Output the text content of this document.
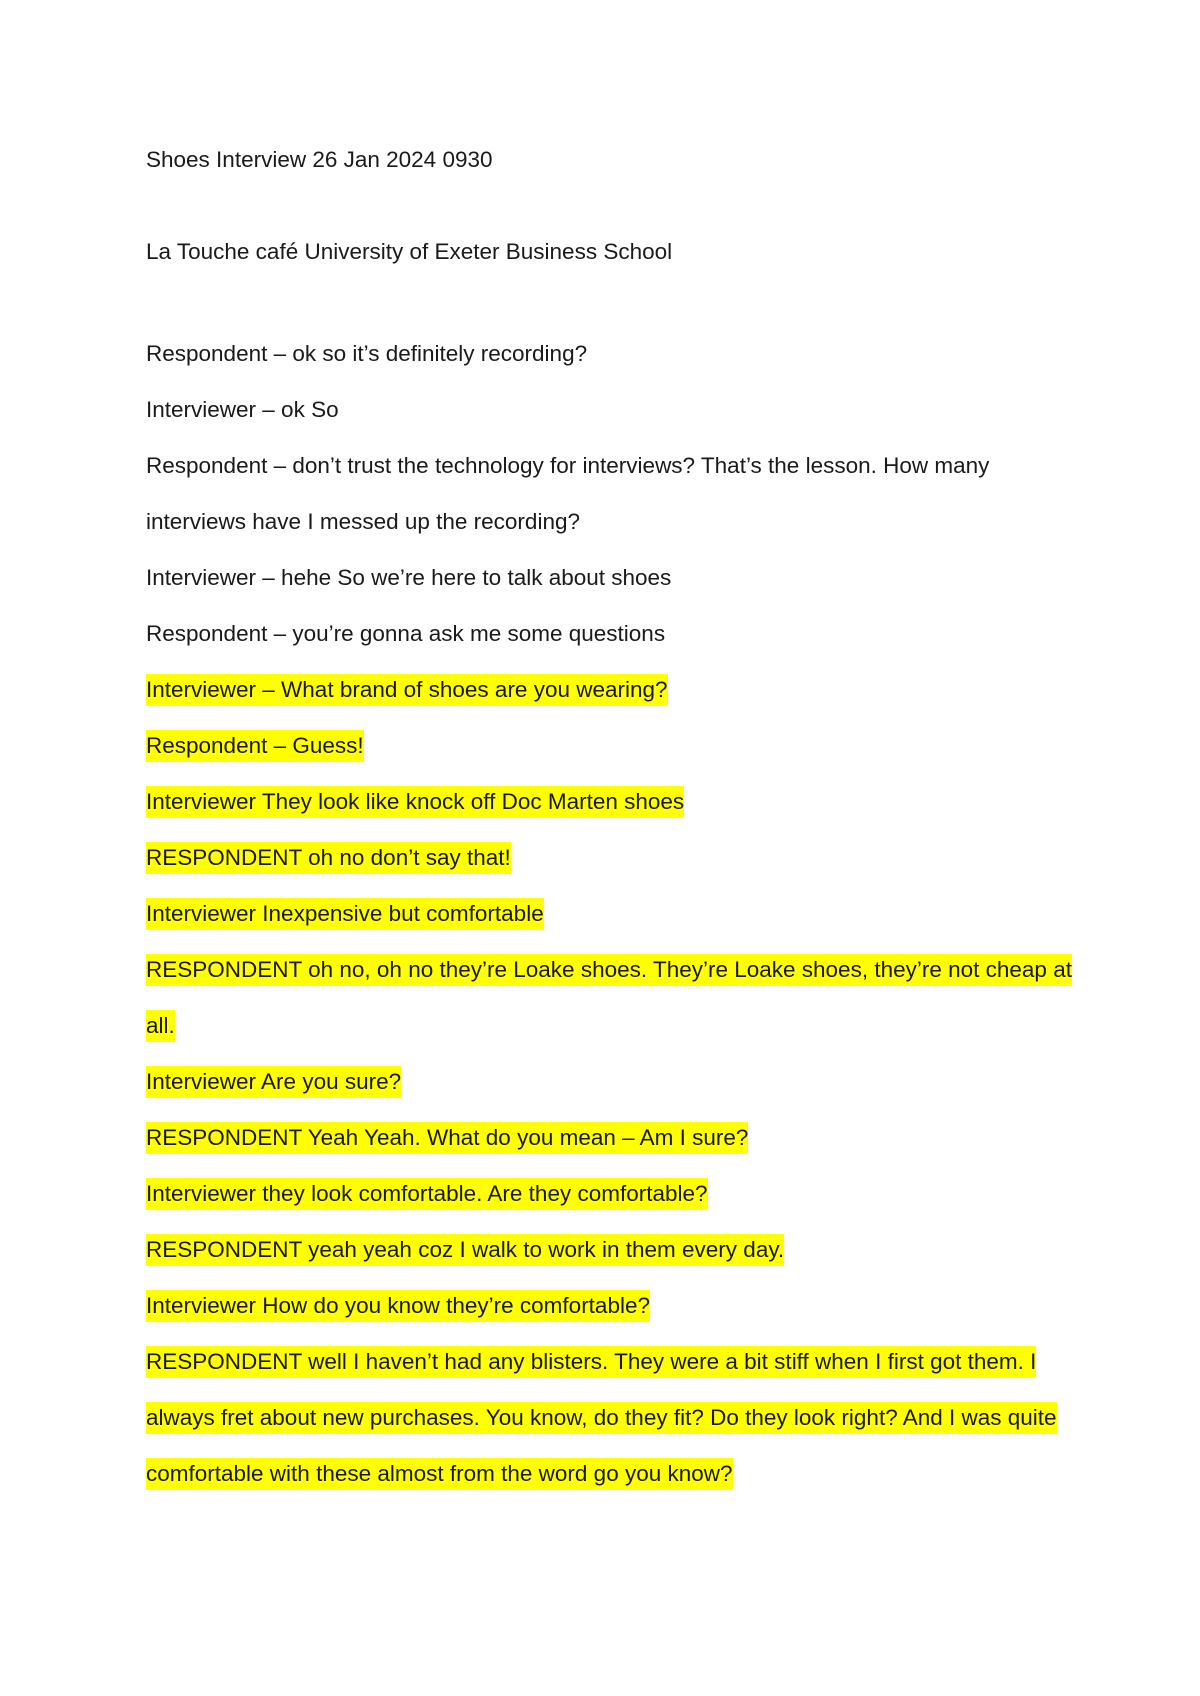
Shoes Interview 26 Jan 2024 0930

La Touche café University of Exeter Business School

Respondent – ok so it’s definitely recording?

Interviewer – ok So

Respondent – don’t trust the technology for interviews? That’s the lesson. How many interviews have I messed up the recording?

Interviewer – hehe So we’re here to talk about shoes

Respondent – you’re gonna ask me some questions

Interviewer – What brand of shoes are you wearing?

Respondent – Guess!

Interviewer They look like knock off Doc Marten shoes

RESPONDENT oh no don’t say that!

Interviewer Inexpensive but comfortable

RESPONDENT oh no, oh no they’re Loake shoes. They’re Loake shoes, they’re not cheap at all.

Interviewer Are you sure?

RESPONDENT Yeah Yeah. What do you mean – Am I sure?

Interviewer they look comfortable. Are they comfortable?

RESPONDENT yeah yeah coz I walk to work in them every day.

Interviewer How do you know they’re comfortable?

RESPONDENT well I haven’t had any blisters. They were a bit stiff when I first got them. I always fret about new purchases. You know, do they fit? Do they look right? And I was quite comfortable with these almost from the word go you know?
